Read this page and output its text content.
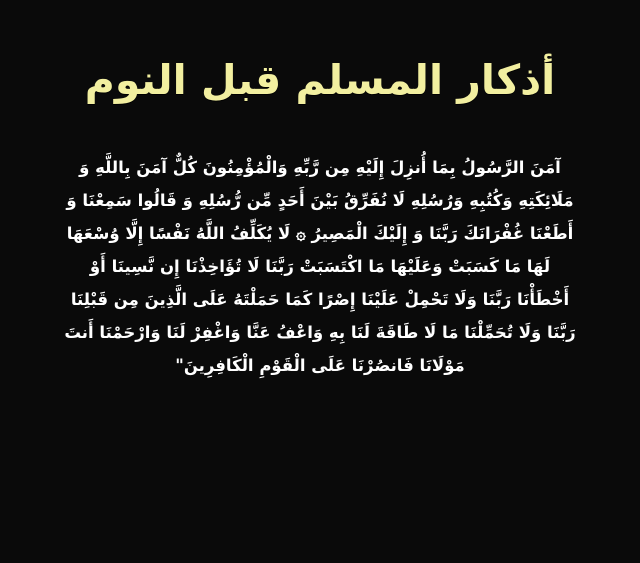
أذكار المسلم قبل النوم
آمَنَ الرَّسُولُ بِمَا أُنزِلَ إِلَيْهِ مِن رَّبِّهِ وَالْمُؤْمِنُونَ كُلٌّ آمَنَ بِاللَّهِ وَ
مَلَائِكَتِهِ وَكُتُبِهِ وَرُسُلِهِ لَا نُفَرِّقُ بَيْنَ أَحَدٍ مِّن رُّسُلِهِ وَ قَالُوا سَمِعْنَا وَ
أَطَعْنَا غُفْرَانَكَ رَبَّنَا وَ إِلَيْكَ الْمَصِيرُ ۞ لَا يُكَلِّفُ اللَّهُ نَفْسًا إِلَّا وُسْعَهَا
لَهَا مَا كَسَبَتْ وَعَلَيْهَا مَا اكْتَسَبَتْ رَبَّنَا لَا تُؤَاخِذْنَا إِن نَّسِينَا أَوْ
أَخْطَأْنَا رَبَّنَا وَلَا تَحْمِلْ عَلَيْنَا إِصْرًا كَمَا حَمَلْتَهُ عَلَى الَّذِينَ مِن قَبْلِنَا
رَبَّنَا وَلَا تُحَمِّلْنَا مَا لَا طَاقَةَ لَنَا بِهِ وَاعْفُ عَنَّا وَاغْفِرْ لَنَا وَارْحَمْنَا أَنتَ
مَوْلَانَا فَانصُرْنَا عَلَى الْقَوْمِ الْكَافِرِينَ"
